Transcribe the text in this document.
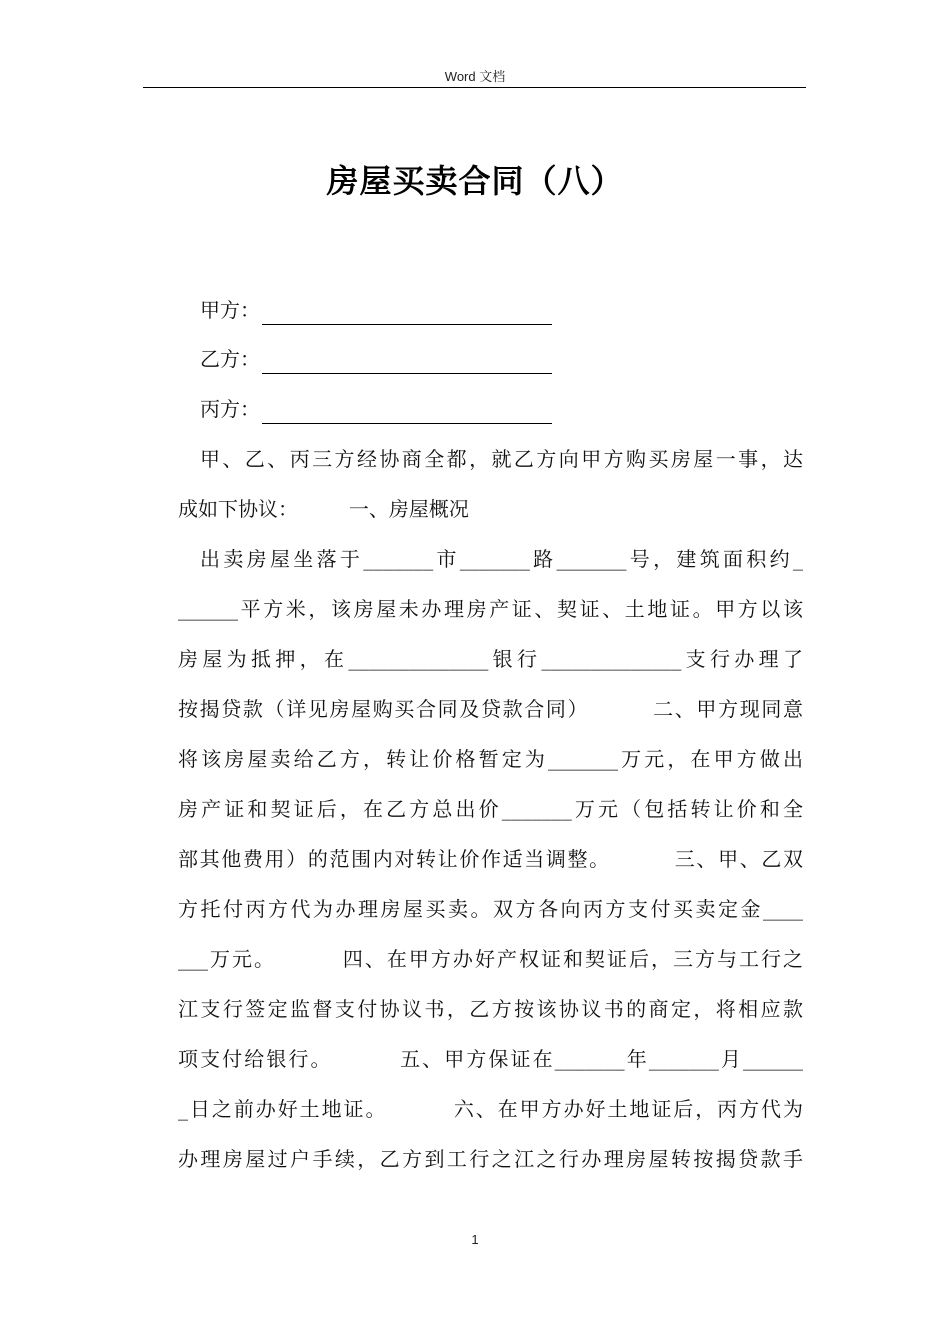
Word 文档
房屋买卖合同（八）
甲方：
乙方：
丙方：
甲、乙、丙三方经协商全都，就乙方向甲方购买房屋一事，达
成如下协议：        一、房屋概况
出卖房屋坐落于_______市_______路_______号，建筑面积约_
______平方米，该房屋未办理房产证、契证、土地证。甲方以该
房屋为抵押，在______________银行______________支行办理了
按揭贷款（详见房屋购买合同及贷款合同）        二、甲方现同意
将该房屋卖给乙方，转让价格暂定为_______万元，在甲方做出
房产证和契证后，在乙方总出价_______万元（包括转让价和全
部其他费用）的范围内对转让价作适当调整。        三、甲、乙双
方托付丙方代为办理房屋买卖。双方各向丙方支付买卖定金____
___万元。        四、在甲方办好产权证和契证后，三方与工行之
江支行签定监督支付协议书，乙方按该协议书的商定，将相应款
项支付给银行。        五、甲方保证在_______年_______月______
_日之前办好土地证。        六、在甲方办好土地证后，丙方代为
办理房屋过户手续，乙方到工行之江之行办理房屋转按揭贷款手
1
